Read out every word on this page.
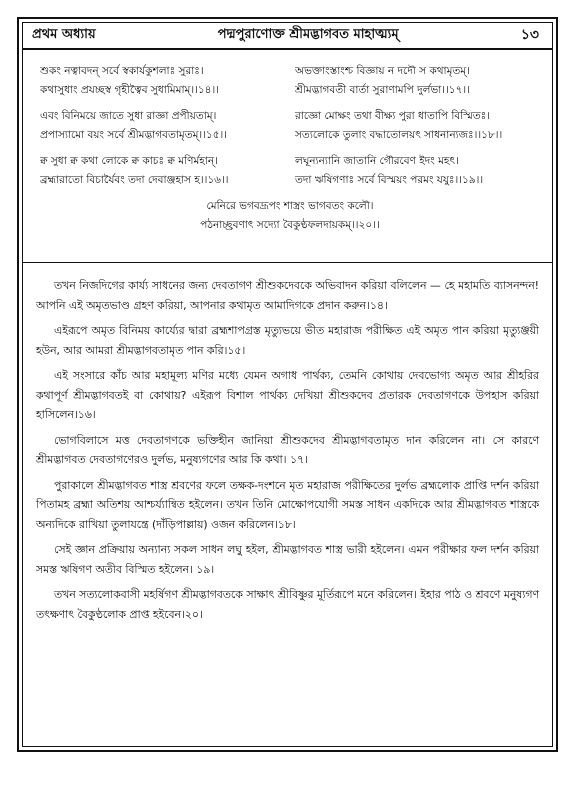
প্রথম অধ্যায়	পদ্মপুরাণোক্ত শ্রীমদ্ভাগবত মাহাত্ম্যম্‌	১৩
শুকং নত্বাবদন্‌ সর্বে স্বকার্যকুশলাঃ সুরাঃ।
কথাসুধাং প্রযচ্ছস্ব গৃহীত্বৈব সুধামিমাম্‌।।১৪।।
অভক্তাংস্তাংশ্চ বিজ্ঞায় ন দদৌ স কথামৃতম্‌।
শ্রীমদ্ভাগবতী বার্তা সুরাণামপি দুর্লভা।।১৭।।
এবং বিনিময়ে জাতে সুধা রাজ্ঞা প্রপীয়তাম্‌।
প্রপাস্যামো বয়ং সর্বে শ্রীমদ্ভাগবতামৃতম্‌।।১৫।।
রাজ্ঞো মোক্ষং তথা বীক্ষ্য পুরা ধাতাপি বিস্মিতঃ।
সত্যলোকে তুলাং বদ্ধাতোলয়ৎ সাধনান্যজঃ।।১৮।।
ক্ব সুধা ক্ব কথা লোকে ক্ব কাচঃ ক্ব মণির্মহান্‌।
ব্রহ্মারাতো বিচার্যৈবং তদা দেবাঞ্জহাস হ।।১৬।।
লঘূন্যন্যানি জাতানি গৌরবেণ ইদং মহৎ।
তদা ঋষিগণাঃ সর্বে বিস্ময়ং পরমং যযুঃ।।১৯।।
মেনিরে ভগবদ্রূপং শাস্ত্রং ভাগবতং কলৌ।
পঠনাচ্ছ্রবণাৎ সদ্যো বৈকুণ্ঠফলদায়কম্‌।।২০।।

তখন নিজদিগের কার্য্য সাধনের জন্য দেবতাগণ শ্রীশুকদেবকে অভিবাদন করিয়া বলিলেন — হে মহামতি ব্যাসনন্দন! আপনি এই অমৃতভাণ্ড গ্রহণ করিয়া, আপনার কথামৃত আমাদিগকে প্রদান করুন।১৪।

এইরূপে অমৃত বিনিময় কার্য্যের দ্বারা ব্রহ্মশাপগ্রস্ত মৃত্যুভয়ে ভীত মহারাজ পরীক্ষিত এই অমৃত পান করিয়া মৃত্যুঞ্জয়ী হউন, আর আমরা শ্রীমদ্ভাগবতামৃত পান করি।১৫।

এই সংসারে কাঁচ আর মহামূল্য মণির মধ্যে যেমন অগাধ পার্থক্য, তেমনি কোথায় দেবভোগ্য অমৃত আর শ্রীহরির কথাপূর্ণ শ্রীমদ্ভাগবতই বা কোথায়? এইরূপ বিশাল পার্থক্য দেখিয়া শ্রীশুকদেব প্রতারক দেবতাগণকে উপহাস করিয়া হাসিলেন।১৬।

ভোগবিলাসে মত্ত দেবতাগণকে ভক্তিহীন জানিয়া শ্রীশুকদেব শ্রীমদ্ভাগবতামৃত দান করিলেন না। সে কারণে শ্রীমদ্ভাগবত দেবতাগণেরও দুর্লভ, মনুষ্যগণের আর কি কথা। ১৭।

পুরাকালে শ্রীমদ্ভাগবত শাস্ত্র শ্রবণের ফলে তক্ষক-দংশনে মৃত মহারাজ পরীক্ষিতের দুর্লভ ব্রহ্মলোক প্রাপ্তি দর্শন করিয়া পিতামহ ব্রহ্মা অতিশয় আশ্চর্য্যান্বিত হইলেন। তখন তিনি মোক্ষোপযোগী সমস্ত সাধন একদিকে আর শ্রীমদ্ভাগবত শাস্ত্রকে অন্যদিকে রাখিয়া তুলাযন্ত্রে (দাঁড়িপাল্লায়) ওজন করিলেন।১৮।

সেই জ্ঞান প্রক্রিয়ায় অন্যান্য সকল সাধন লঘু হইল, শ্রীমদ্ভাগবত শাস্ত্র ভারী হইলেন। এমন পরীক্ষার ফল দর্শন করিয়া সমস্ত ঋষিগণ অতীব বিস্মিত হইলেন। ১৯।

তখন সত্যলোকবাসী মহর্ষিগণ শ্রীমদ্ভাগবতকে সাক্ষাৎ শ্রীবিষ্ণুর মূর্তিরূপে মনে করিলেন। ইহার পাঠ ও শ্রবণে মনুষ্যগণ তৎক্ষণাৎ বৈকুণ্ঠলোক প্রাপ্ত হইবেন।২০।
